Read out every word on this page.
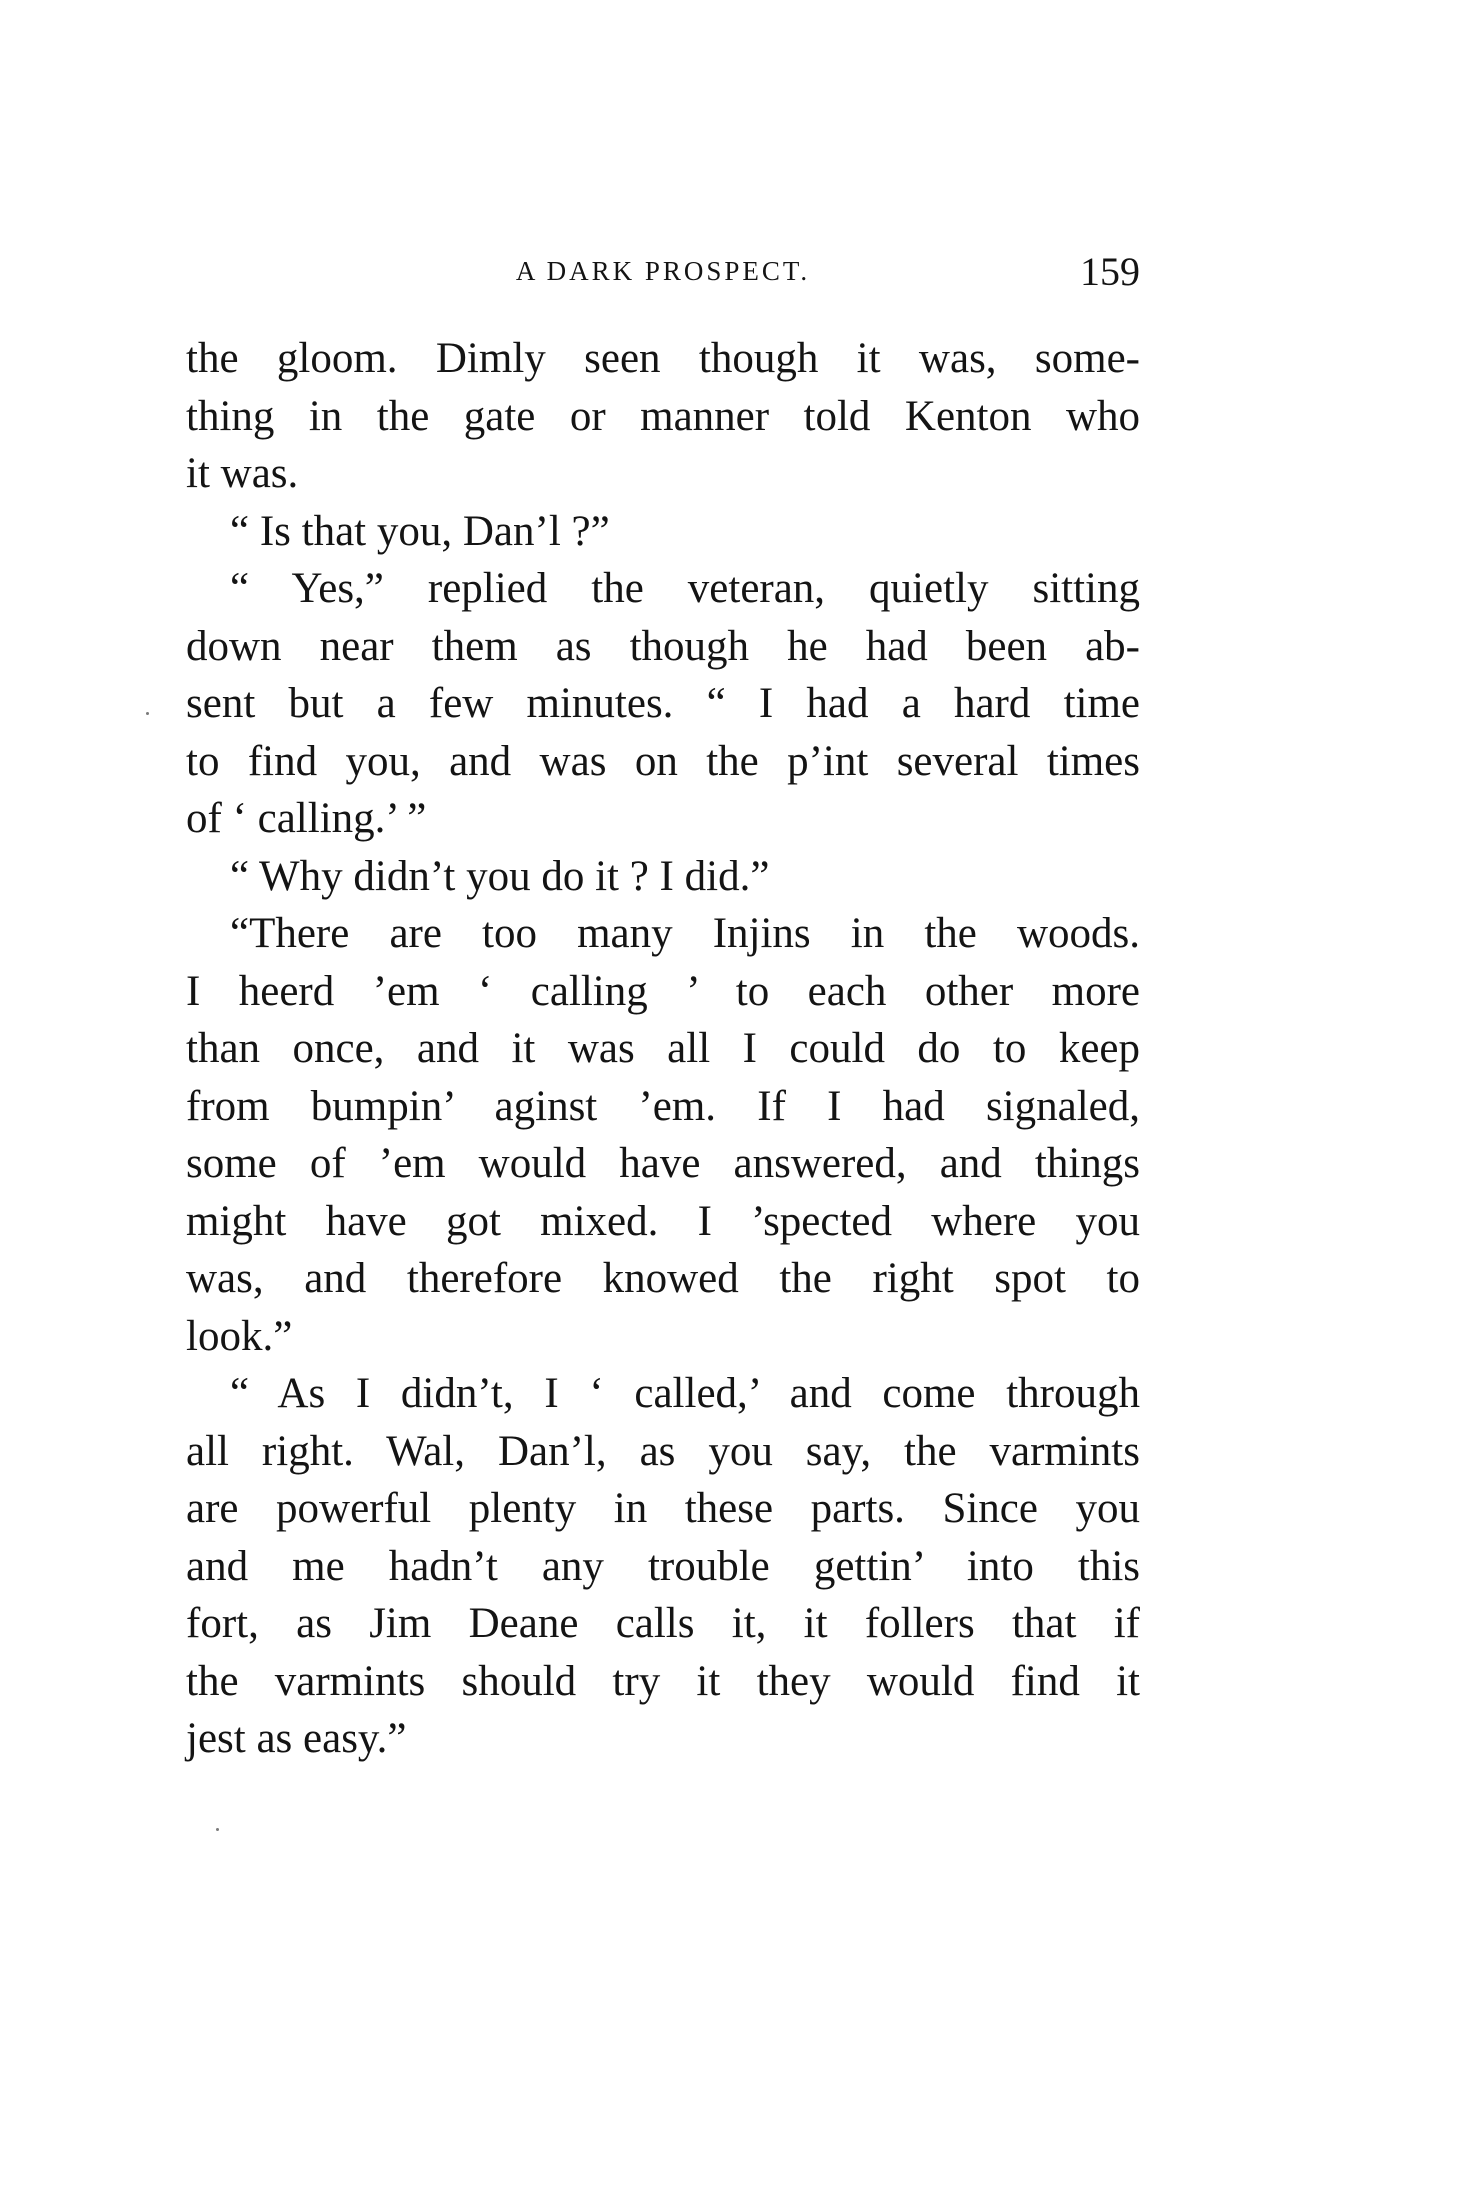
A DARK PROSPECT.	159
the gloom. Dimly seen though it was, some-
thing in the gate or manner told Kenton who
it was.
“ Is that you, Dan’l ?”
“ Yes,” replied the veteran, quietly sitting
down near them as though he had been ab-
sent but a few minutes. “ I had a hard time
to find you, and was on the p’int several times
of ‘ calling.’ ”
“ Why didn’t you do it ? I did.”
“There are too many Injins in the woods.
I heerd ’em ‘ calling ’ to each other more
than once, and it was all I could do to keep
from bumpin’ aginst ’em. If I had signaled,
some of ’em would have answered, and things
might have got mixed. I ’spected where you
was, and therefore knowed the right spot to
look.”
“ As I didn’t, I ‘ called,’ and come through
all right. Wal, Dan’l, as you say, the varmints
are powerful plenty in these parts. Since you
and me hadn’t any trouble gettin’ into this
fort, as Jim Deane calls it, it follers that if
the varmints should try it they would find it
jest as easy.”
